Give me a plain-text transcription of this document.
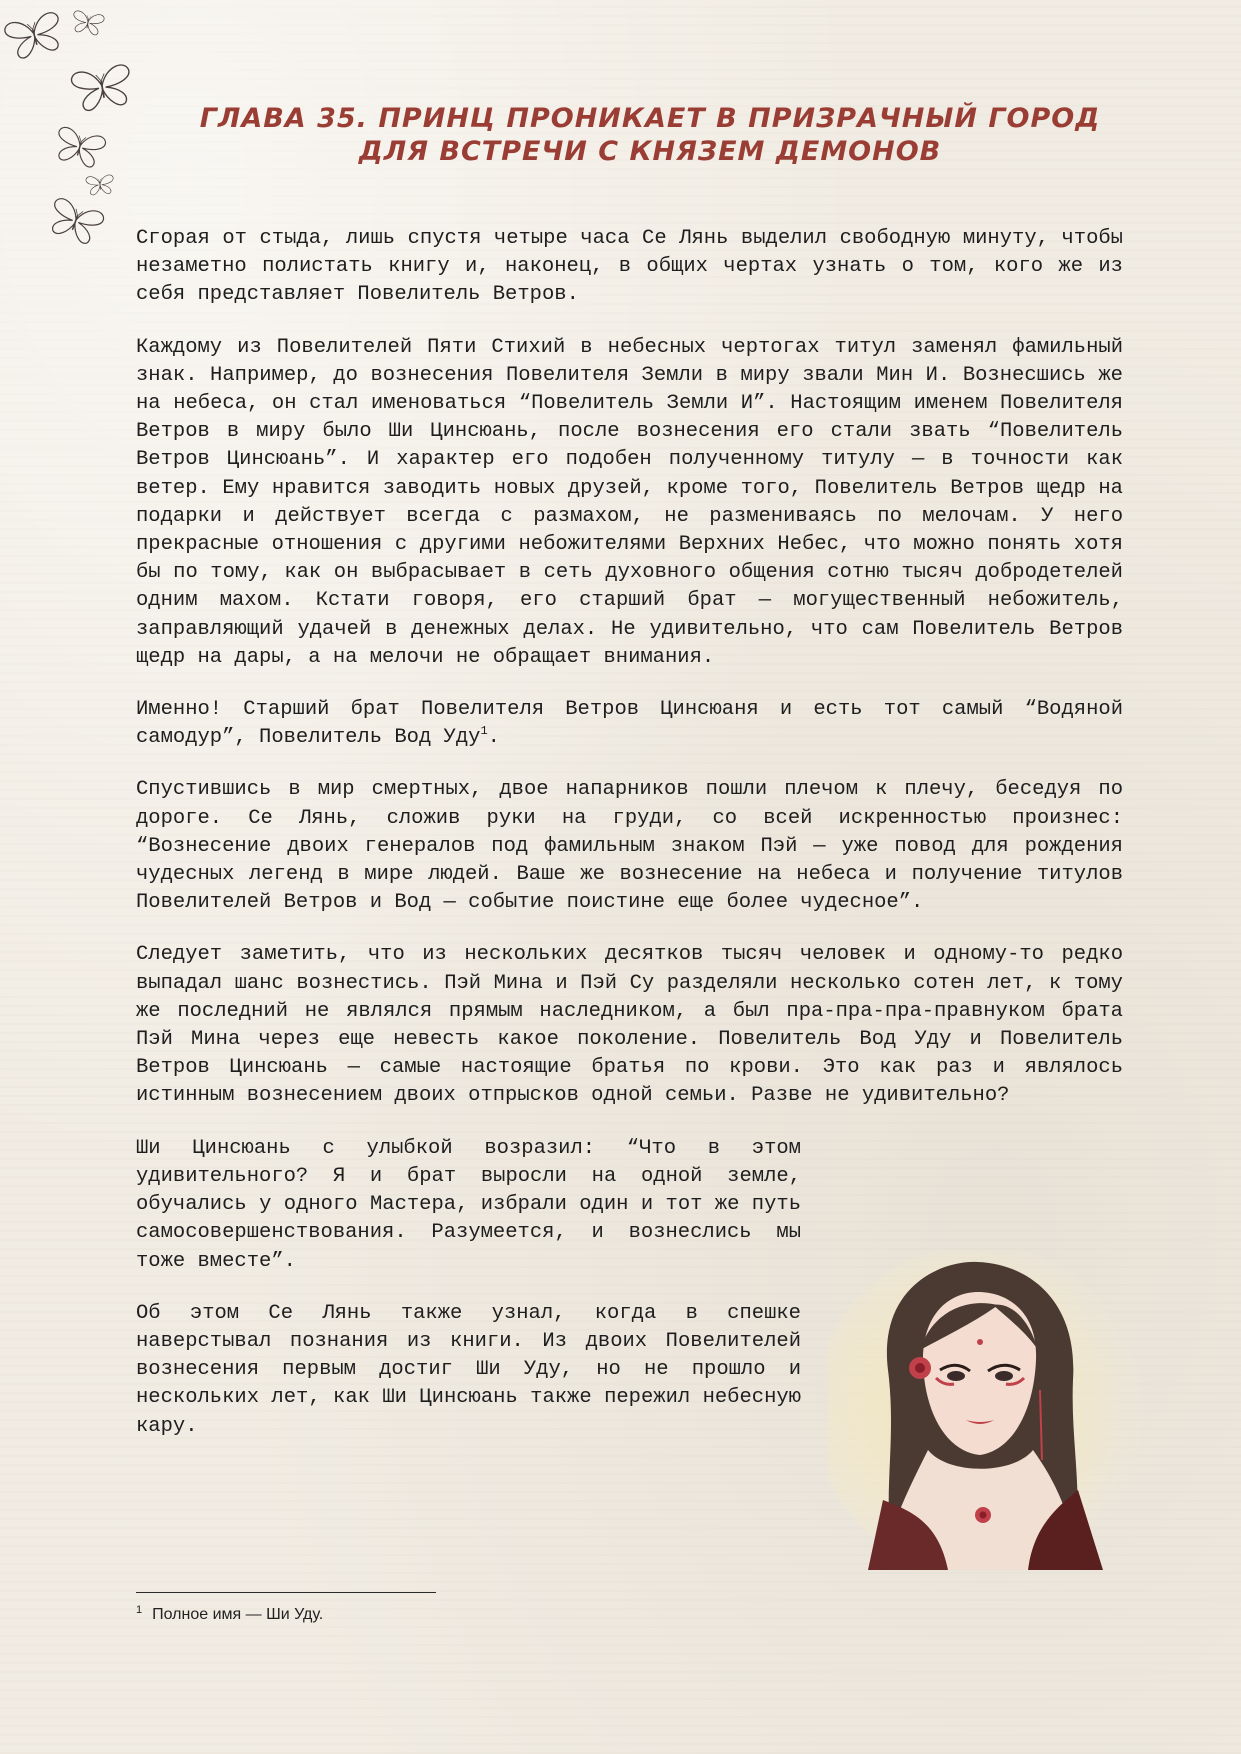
ГЛАВА 35. ПРИНЦ ПРОНИКАЕТ В ПРИЗРАЧНЫЙ ГОРОД
ДЛЯ ВСТРЕЧИ С КНЯЗЕМ ДЕМОНОВ

Сгорая от стыда, лишь спустя четыре часа Се Лянь выделил свободную минуту, чтобы незаметно полистать книгу и, наконец, в общих чертах узнать о том, кого же из себя представляет Повелитель Ветров.

Каждому из Повелителей Пяти Стихий в небесных чертогах титул заменял фамильный знак. Например, до вознесения Повелителя Земли в миру звали Мин И. Вознесшись же на небеса, он стал именоваться “Повелитель Земли И”. Настоящим именем Повелителя Ветров в миру было Ши Цинсюань, после вознесения его стали звать “Повелитель Ветров Цинсюань”. И характер его подобен полученному титулу — в точности как ветер. Ему нравится заводить новых друзей, кроме того, Повелитель Ветров щедр на подарки и действует всегда с размахом, не размениваясь по мелочам. У него прекрасные отношения с другими небожителями Верхних Небес, что можно понять хотя бы по тому, как он выбрасывает в сеть духовного общения сотню тысяч добродетелей одним махом. Кстати говоря, его старший брат — могущественный небожитель, заправляющий удачей в денежных делах. Не удивительно, что сам Повелитель Ветров щедр на дары, а на мелочи не обращает внимания.

Именно! Старший брат Повелителя Ветров Цинсюаня и есть тот самый “Водяной самодур”, Повелитель Вод Уду$^1$.

Спустившись в мир смертных, двое напарников пошли плечом к плечу, беседуя по дороге. Се Лянь, сложив руки на груди, со всей искренностью произнес: “Вознесение двоих генералов под фамильным знаком Пэй — уже повод для рождения чудесных легенд в мире людей. Ваше же вознесение на небеса и получение титулов Повелителей Ветров и Вод — событие поистине еще более чудесное”.

Следует заметить, что из нескольких десятков тысяч человек и одному-то редко выпадал шанс вознестись. Пэй Мина и Пэй Су разделяли несколько сотен лет, к тому же последний не являлся прямым наследником, а был пра-пра-пра-правнуком брата Пэй Мина через еще невесть какое поколение. Повелитель Вод Уду и Повелитель Ветров Цинсюань — самые настоящие братья по крови. Это как раз и являлось истинным вознесением двоих отпрысков одной семьи. Разве не удивительно?

Ши Цинсюань с улыбкой возразил: “Что в этом удивительного? Я и брат выросли на одной земле, обучались у одного Мастера, избрали один и тот же путь самосовершенствования. Разумеется, и вознеслись мы тоже вместе”.

Об этом Се Лянь также узнал, когда в спешке наверстывал познания из книги. Из двоих Повелителей вознесения первым достиг Ши Уду, но не прошло и нескольких лет, как Ши Цинсюань также пережил небесную кару.

$^1$ Полное имя — Ши Уду.
